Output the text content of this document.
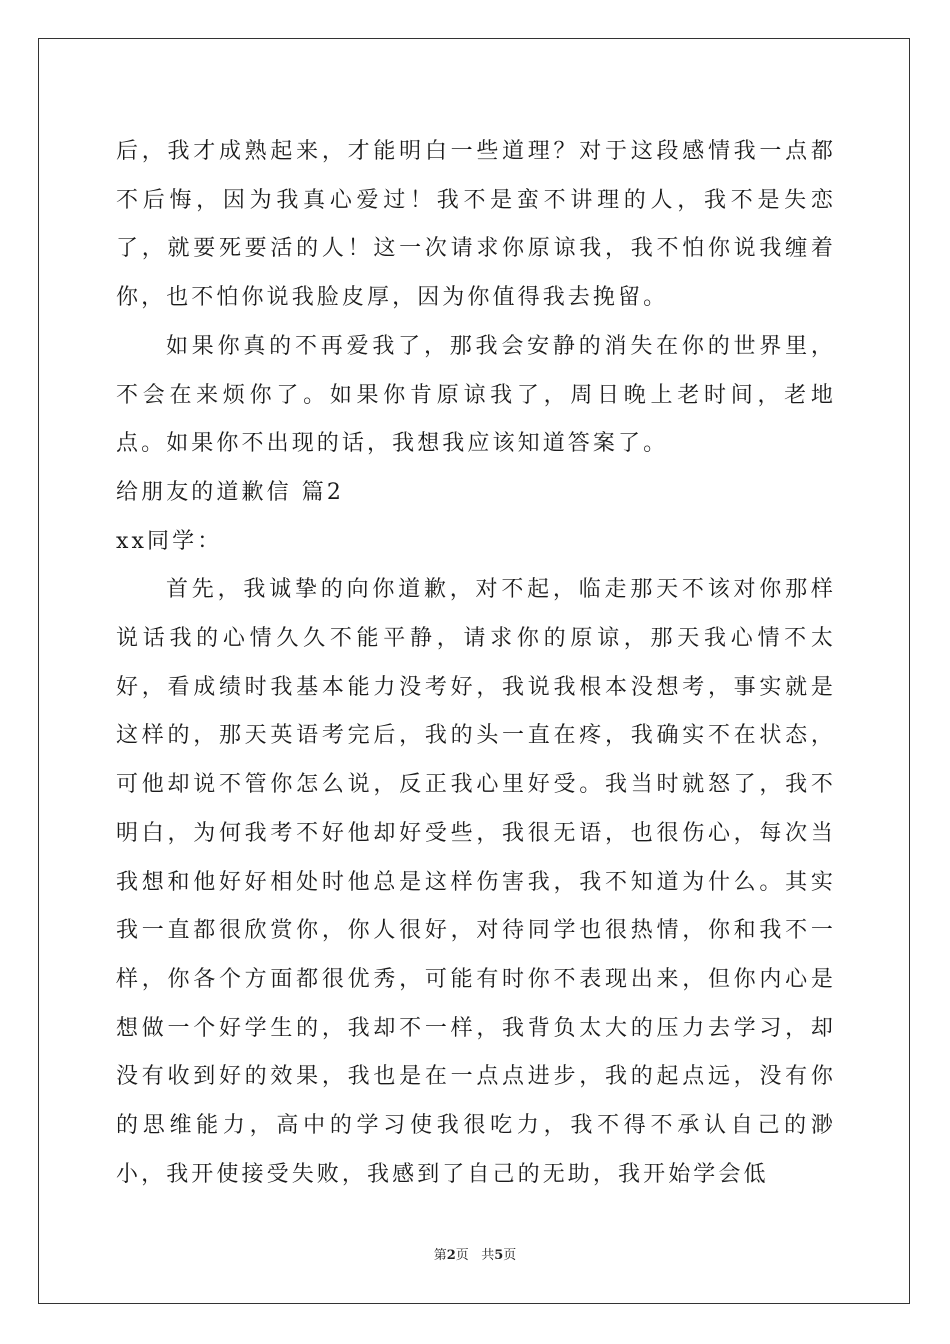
后，我才成熟起来，才能明白一些道理？对于这段感情我一点都不后悔，因为我真心爱过！我不是蛮不讲理的人，我不是失恋了，就要死要活的人！这一次请求你原谅我，我不怕你说我缠着你，也不怕你说我脸皮厚，因为你值得我去挽留。

如果你真的不再爱我了，那我会安静的消失在你的世界里，不会在来烦你了。如果你肯原谅我了，周日晚上老时间，老地点。如果你不出现的话，我想我应该知道答案了。

给朋友的道歉信 篇2

xx同学：

首先，我诚挚的向你道歉，对不起，临走那天不该对你那样说话我的心情久久不能平静，请求你的原谅，那天我心情不太好，看成绩时我基本能力没考好，我说我根本没想考，事实就是这样的，那天英语考完后，我的头一直在疼，我确实不在状态，可他却说不管你怎么说，反正我心里好受。我当时就怒了，我不明白，为何我考不好他却好受些，我很无语，也很伤心，每次当我想和他好好相处时他总是这样伤害我，我不知道为什么。其实我一直都很欣赏你，你人很好，对待同学也很热情，你和我不一样，你各个方面都很优秀，可能有时你不表现出来，但你内心是想做一个好学生的，我却不一样，我背负太大的压力去学习，却没有收到好的效果，我也是在一点点进步，我的起点远，没有你的思维能力，高中的学习使我很吃力，我不得不承认自己的渺小，我开使接受失败，我感到了自己的无助，我开始学会低

第2页 共5页
